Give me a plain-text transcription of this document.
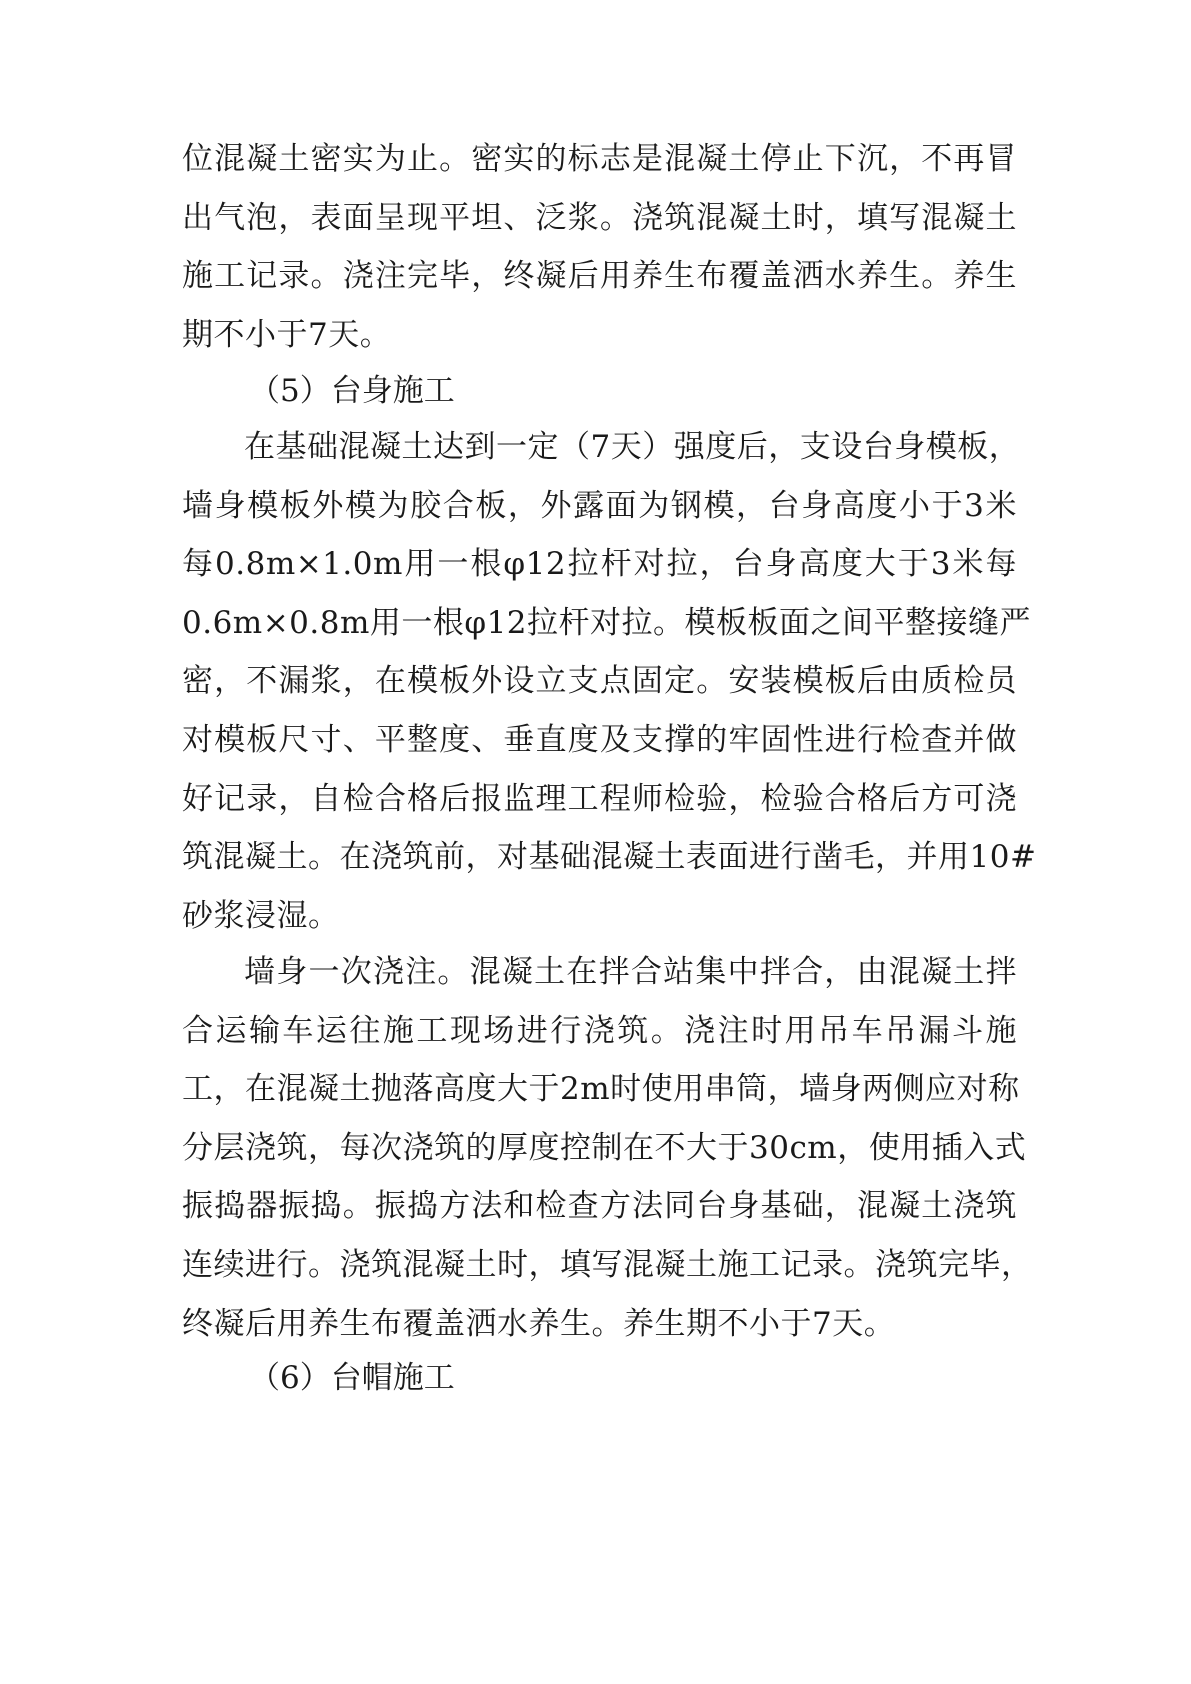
位混凝土密实为止。密实的标志是混凝土停止下沉，不再冒
出气泡，表面呈现平坦、泛浆。浇筑混凝土时，填写混凝土
施工记录。浇注完毕，终凝后用养生布覆盖洒水养生。养生
期不小于7天。

（5）台身施工

在基础混凝土达到一定（7天）强度后，支设台身模板，
墙身模板外模为胶合板，外露面为钢模，台身高度小于3米
每0.8m×1.0m用一根φ12拉杆对拉，台身高度大于3米每
0.6m×0.8m用一根φ12拉杆对拉。模板板面之间平整接缝严
密，不漏浆，在模板外设立支点固定。安装模板后由质检员
对模板尺寸、平整度、垂直度及支撑的牢固性进行检查并做
好记录，自检合格后报监理工程师检验，检验合格后方可浇
筑混凝土。在浇筑前，对基础混凝土表面进行凿毛，并用10#
砂浆浸湿。
墙身一次浇注。混凝土在拌合站集中拌合，由混凝土拌
合运输车运往施工现场进行浇筑。浇注时用吊车吊漏斗施
工，在混凝土抛落高度大于2m时使用串筒，墙身两侧应对称
分层浇筑，每次浇筑的厚度控制在不大于30cm，使用插入式
振捣器振捣。振捣方法和检查方法同台身基础，混凝土浇筑
连续进行。浇筑混凝土时，填写混凝土施工记录。浇筑完毕，
终凝后用养生布覆盖洒水养生。养生期不小于7天。

（6）台帽施工
